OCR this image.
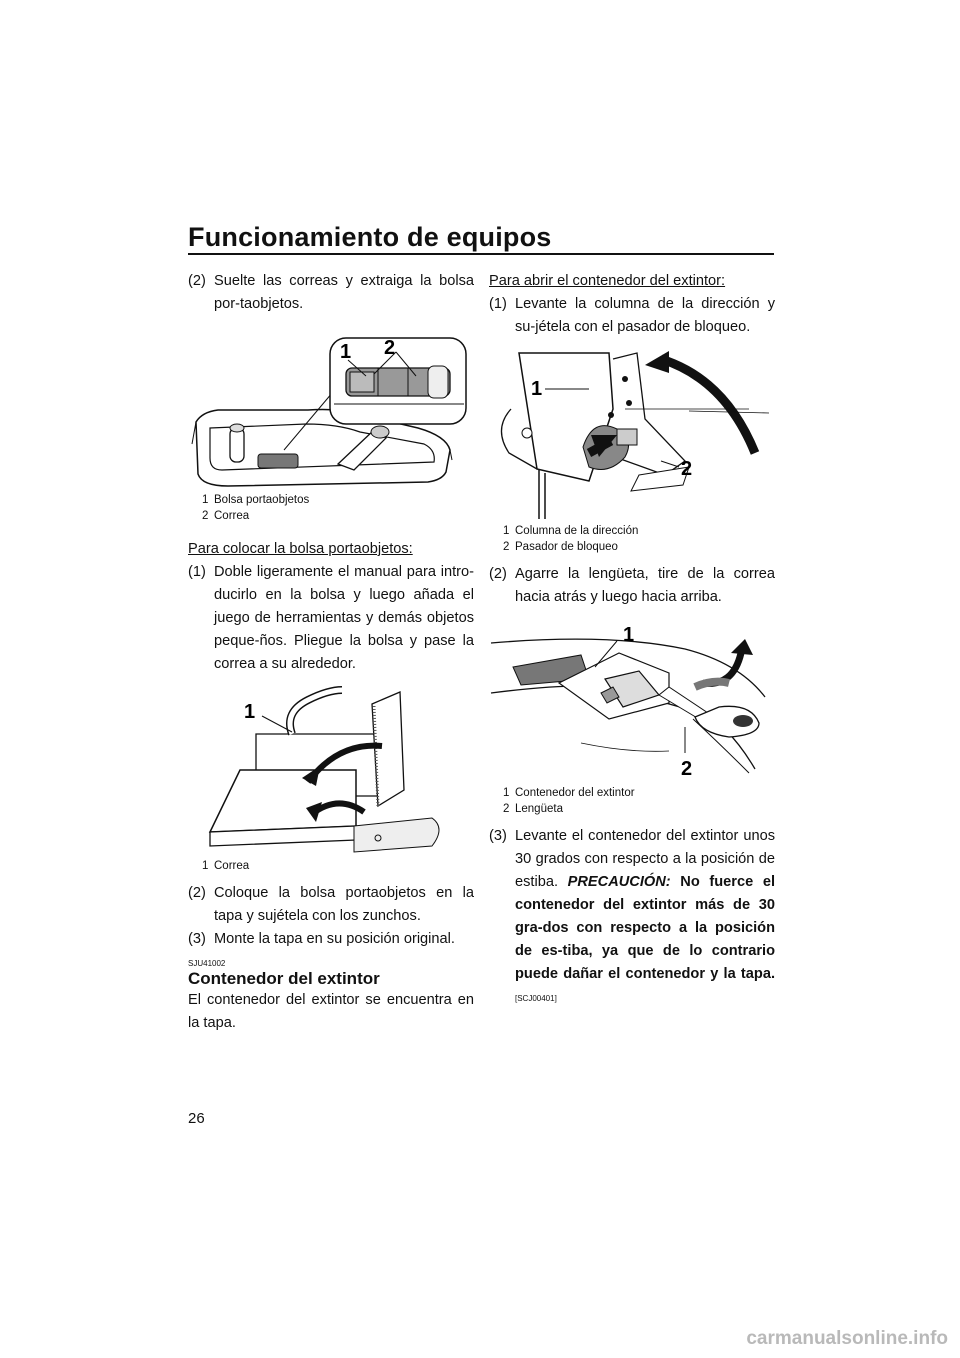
Funcionamiento de equipos
(2) Suelte las correas y extraiga la bolsa por-taobjetos.
1 2
1 Bolsa portaobjetos
2 Correa

Para colocar la bolsa portaobjetos:

(1) Doble ligeramente el manual para intro-ducirlo en la bolsa y luego añada el juego de herramientas y demás objetos peque-ños. Pliegue la bolsa y pase la correa a su alrededor.
1
1 Correa
(2) Coloque la bolsa portaobjetos en la tapa y sujétela con los zunchos.
(3) Monte la tapa en su posición original.
SJU41002

Contenedor del extintor

El contenedor del extintor se encuentra en la tapa.

Para abrir el contenedor del extintor:

(1) Levante la columna de la dirección y su-jétela con el pasador de bloqueo.
1
2
1 Columna de la dirección
2 Pasador de bloqueo
(2) Agarre la lengüeta, tire de la correa hacia atrás y luego hacia arriba.
1
2
1 Contenedor del extintor
2 Lengüeta
(3) Levante el contenedor del extintor unos 30 grados con respecto a la posición de estiba. PRECAUCIÓN: No fuerce el contenedor del extintor más de 30 gra-dos con respecto a la posición de es-tiba, ya que de lo contrario puede dañar el contenedor y la tapa. [SCJ00401]
26
carmanualsonline.info
